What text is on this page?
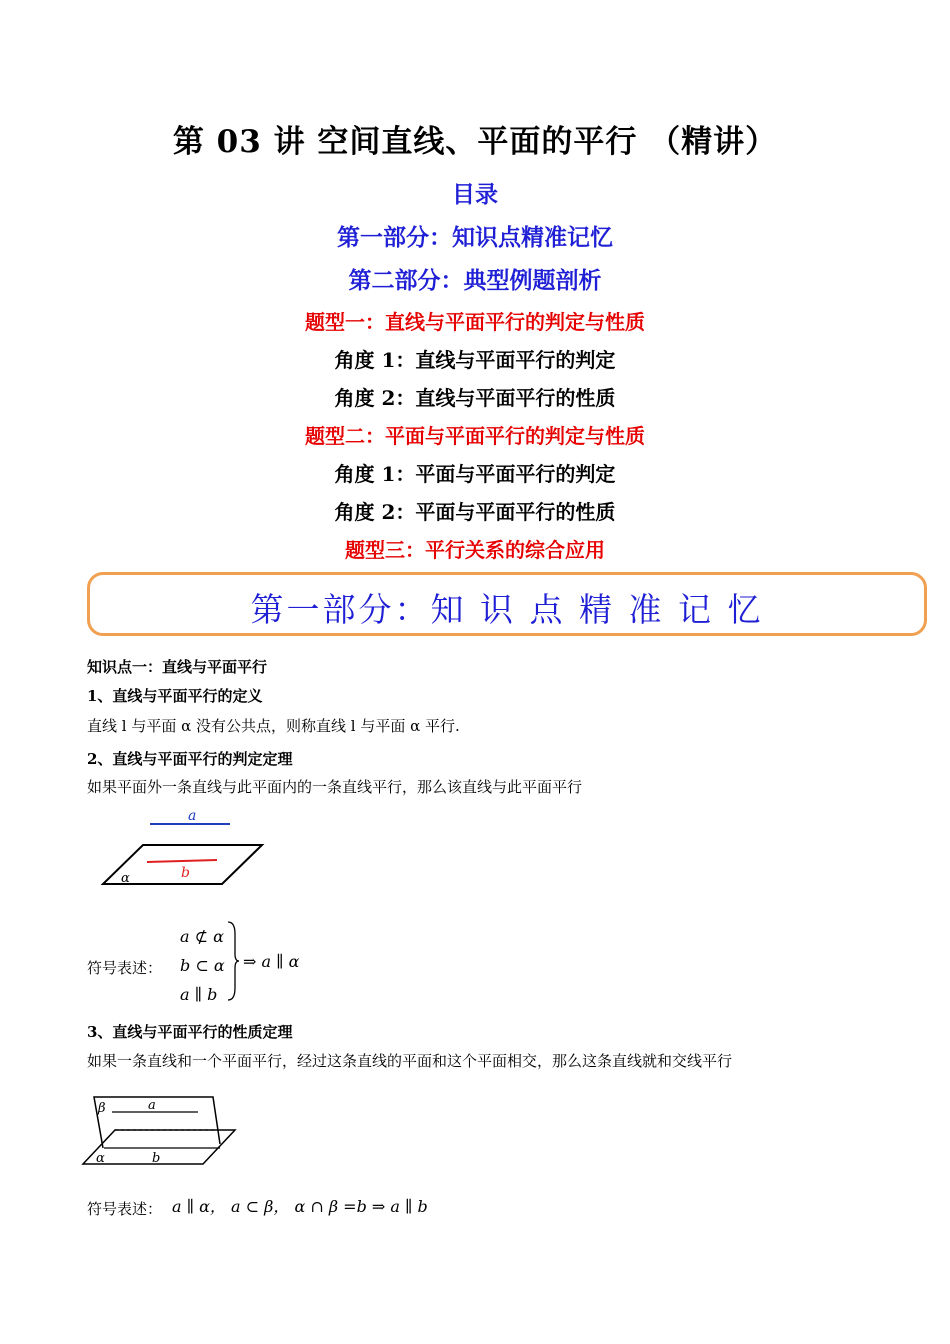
第 03 讲 空间直线、平面的平行 （精讲）
目录
第一部分：知识点精准记忆
第二部分：典型例题剖析
题型一：直线与平面平行的判定与性质
角度 1：直线与平面平行的判定
角度 2：直线与平面平行的性质
题型二：平面与平面平行的判定与性质
角度 1：平面与平面平行的判定
角度 2：平面与平面平行的性质
题型三：平行关系的综合应用
第一部分：知 识 点 精 准 记 忆
知识点一：直线与平面平行
1、直线与平面平行的定义
直线 l 与平面 α 没有公共点，则称直线 l 与平面 α 平行.
2、直线与平面平行的判定定理
如果平面外一条直线与此平面内的一条直线平行，那么该直线与此平面平行
a
b
α
符号表述：
a ⊄ α
b ⊂ α
a ∥ b
⇒ a ∥ α
3、直线与平面平行的性质定理
如果一条直线和一个平面平行，经过这条直线的平面和这个平面相交，那么这条直线就和交线平行
β	a
α	b
符号表述： a ∥ α， a ⊂ β， α ∩ β =b ⇒ a ∥ b
